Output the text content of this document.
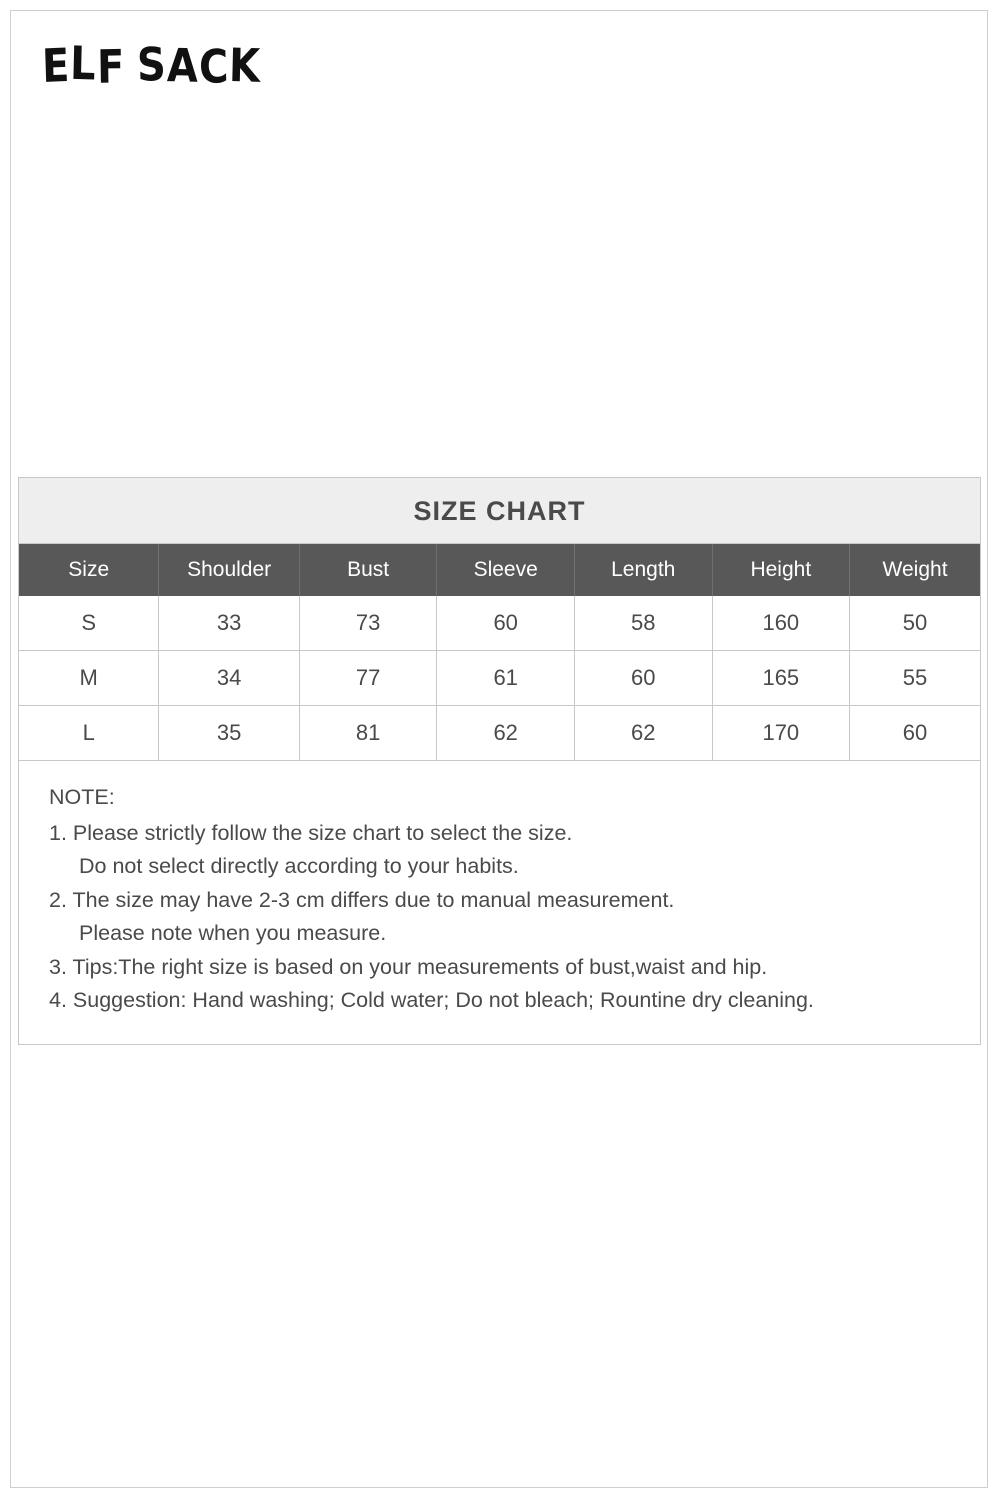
ELF SACK
SIZE CHART
Size	Shoulder	Bust	Sleeve	Length	Height	Weight
S	33	73	60	58	160	50
M	34	77	61	60	165	55
L	35	81	62	62	170	60
NOTE:
1. Please strictly follow the size chart to select the size.
Do not select directly according to your habits.
2. The size may have 2-3 cm differs due to manual measurement.
Please note when you measure.
3. Tips:The right size is based on your measurements of bust,waist and hip.
4. Suggestion: Hand washing; Cold water; Do not bleach; Rountine dry cleaning.
